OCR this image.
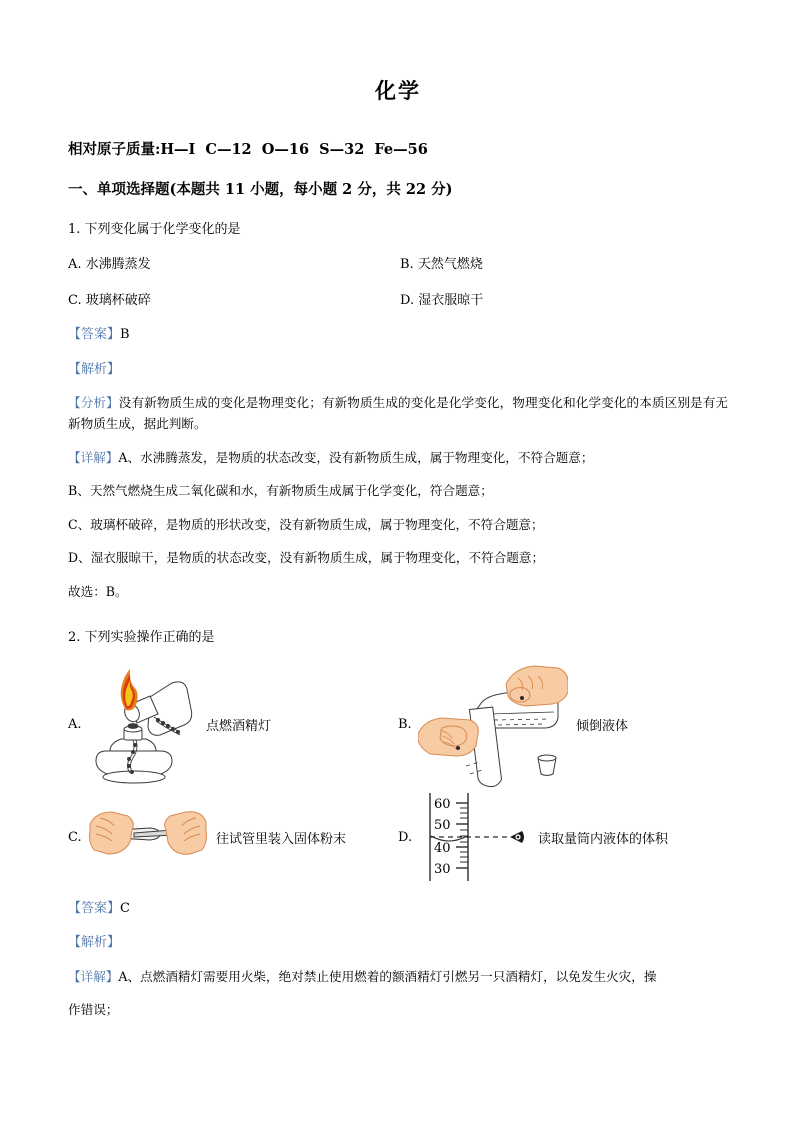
化学
相对原子质量:H—I  C—12  O—16  S—32  Fe—56
一、单项选择题(本题共 11 小题，每小题 2 分，共 22 分)
1. 下列变化属于化学变化的是
A. 水沸腾蒸发	B. 天然气燃烧
C. 玻璃杯破碎	D. 湿衣服晾干
【答案】B
【解析】
【分析】没有新物质生成的变化是物理变化；有新物质生成的变化是化学变化，物理变化和化学变化的本质区别是有无新物质生成，据此判断。
【详解】A、水沸腾蒸发，是物质的状态改变，没有新物质生成，属于物理变化，不符合题意；
B、天然气燃烧生成二氧化碳和水，有新物质生成属于化学变化，符合题意；
C、玻璃杯破碎，是物质的形状改变，没有新物质生成，属于物理变化，不符合题意；
D、湿衣服晾干，是物质的状态改变，没有新物质生成，属于物理变化，不符合题意；
故选：B。
2. 下列实验操作正确的是
A.	点燃酒精灯	B.	倾倒液体
C.	往试管里装入固体粉末	D.
60
50
40
30
读取量筒内液体的体积
【答案】C
【解析】
【详解】A、点燃酒精灯需要用火柴，绝对禁止使用燃着的额酒精灯引燃另一只酒精灯，以免发生火灾，操
作错误；
